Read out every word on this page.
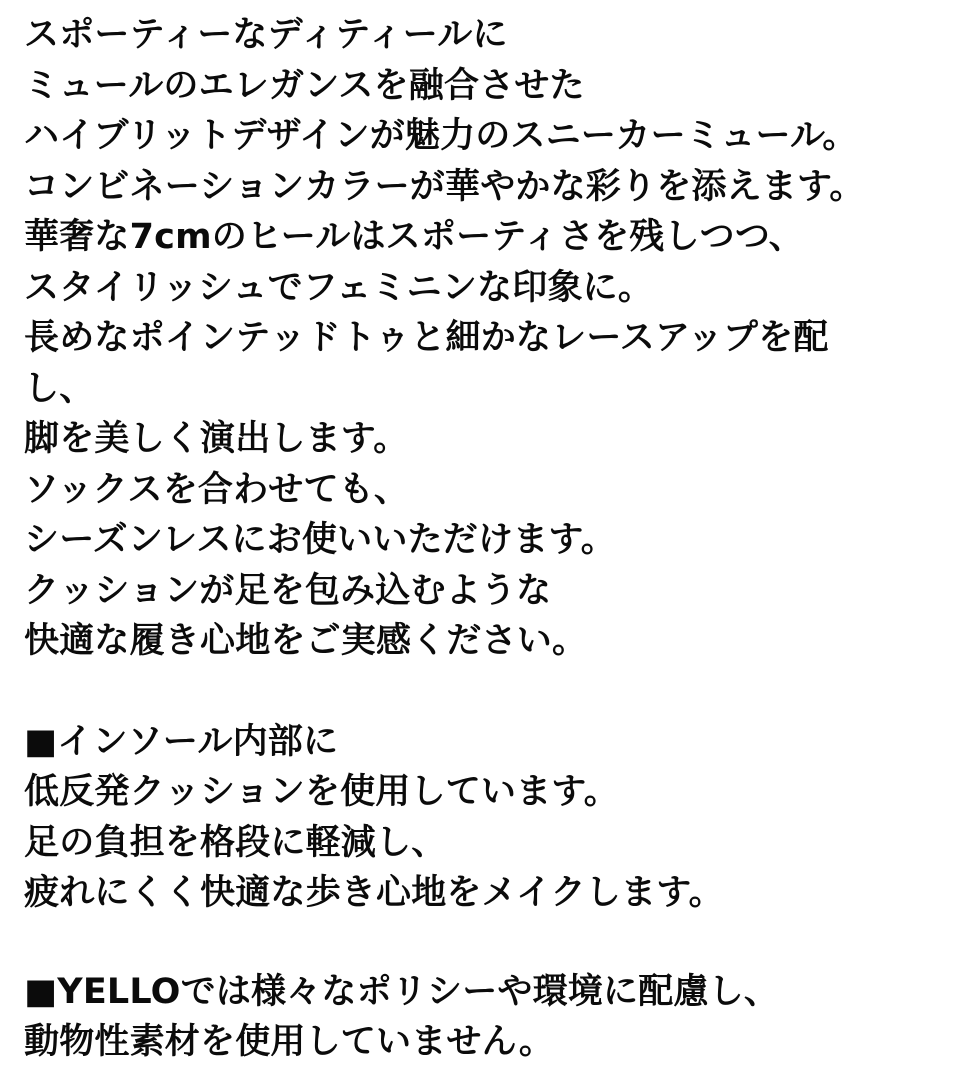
スポーティーなディティールに
ミュールのエレガンスを融合させた
ハイブリットデザインが魅力のスニーカーミュール。
コンビネーションカラーが華やかな彩りを添えます。
華奢な7cmのヒールはスポーティさを残しつつ、
スタイリッシュでフェミニンな印象に。
長めなポインテッドトゥと細かなレースアップを配
し、
脚を美しく演出します。
ソックスを合わせても、
シーズンレスにお使いいただけます。
クッションが足を包み込むような
快適な履き心地をご実感ください。
■インソール内部に
低反発クッションを使用しています。
足の負担を格段に軽減し、
疲れにくく快適な歩き心地をメイクします。
■YELLOでは様々なポリシーや環境に配慮し、
動物性素材を使用していません。
